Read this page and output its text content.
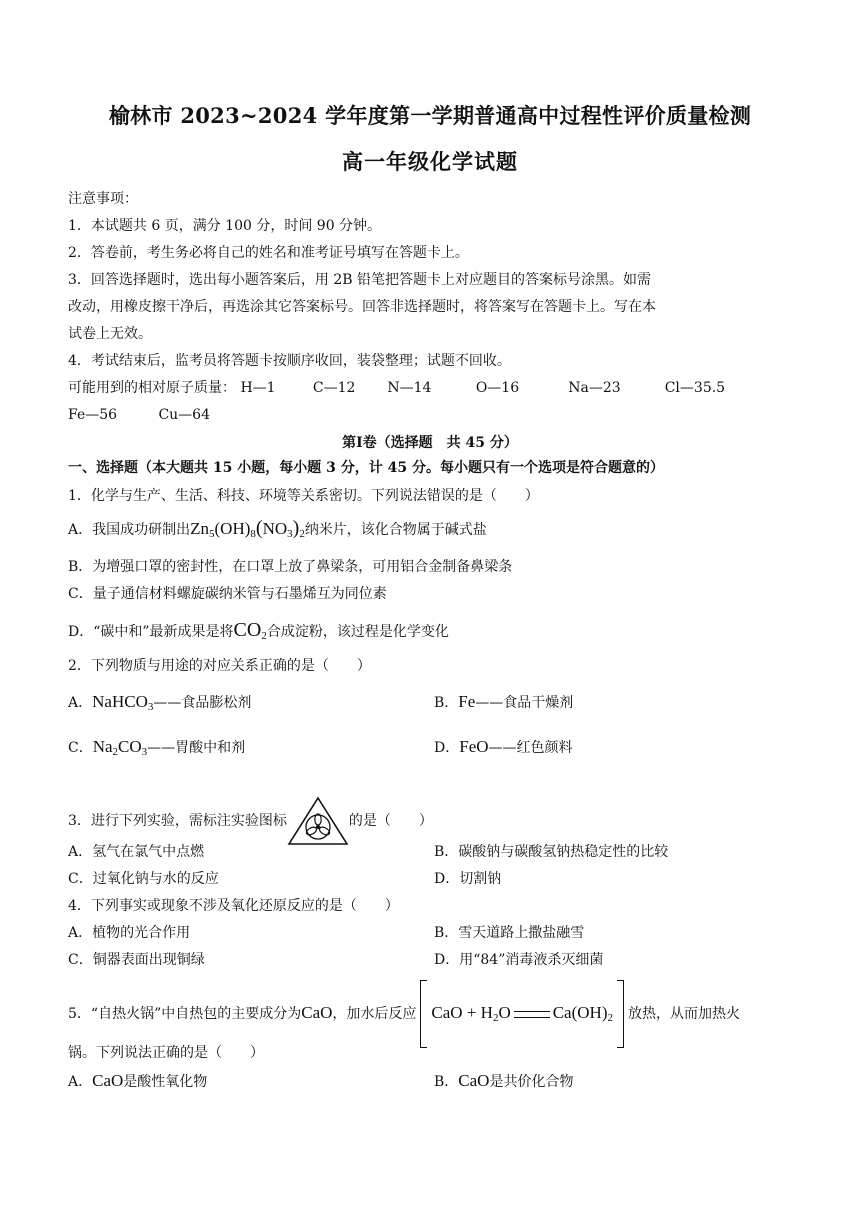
榆林市 2023~2024 学年度第一学期普通高中过程性评价质量检测
高一年级化学试题
注意事项：
1．本试题共 6 页，满分 100 分，时间 90 分钟。
2．答卷前，考生务必将自己的姓名和准考证号填写在答题卡上。
3．回答选择题时，选出每小题答案后，用 2B 铅笔把答题卡上对应题目的答案标号涂黑。如需
改动，用橡皮擦干净后，再选涂其它答案标号。回答非选择题时，将答案写在答题卡上。写在本
试卷上无效。
4．考试结束后，监考员将答题卡按顺序收回，装袋整理；试题不回收。
可能用到的相对原子质量： H—1	C—12 N—14	O—16	Na—23	Cl—35.5
Fe—56	Cu—64
第Ⅰ卷（选择题　共 45 分）
一、选择题（本大题共 15 小题，每小题 3 分，计 45 分。每小题只有一个选项是符合题意的）
1．化学与生产、生活、科技、环境等关系密切。下列说法错误的是（　　）
A．我国成功研制出$Zn_5(OH)_8(NO_3)_2$纳米片，该化合物属于碱式盐
B．为增强口罩的密封性，在口罩上放了鼻梁条，可用铝合金制备鼻梁条
C．量子通信材料螺旋碳纳米管与石墨烯互为同位素
D．“碳中和”最新成果是将$CO_2$合成淀粉，该过程是化学变化
2．下列物质与用途的对应关系正确的是（　　）
A．NaHCO$_3$——食品膨松剂	B．Fe——食品干燥剂
C．$Na_2CO_3——$胃酸中和剂	D．FeO——红色颜料
3．进行下列实验，需标注实验图标	的是（　　）
A．氢气在氯气中点燃	B．碳酸钠与碳酸氢钠热稳定性的比较
C．过氧化钠与水的反应	D．切割钠
4．下列事实或现象不涉及氧化还原反应的是（　　）
A．植物的光合作用	B．雪天道路上撒盐融雪
C．铜器表面出现铜绿	D．用“84”消毒液杀灭细菌
5．“自热火锅”中自热包的主要成分为CaO，加水后反应 CaO + $H_2O$ $Ca(OH)_2$ 放热，从而加热火
锅。下列说法正确的是（　　）
A．CaO是酸性氧化物	B．CaO是共价化合物
